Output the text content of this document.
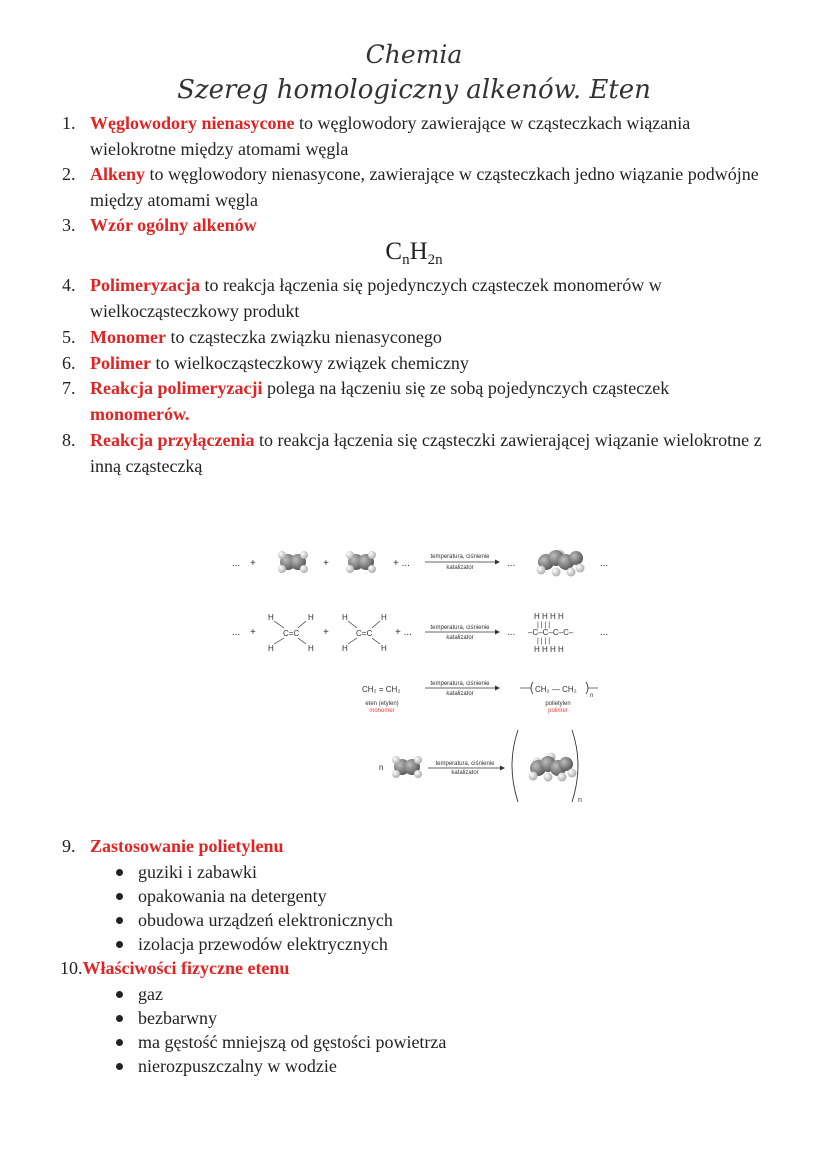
Chemia
Szereg homologiczny alkenów. Eten
1. Węglowodory nienasycone to węglowodory zawierające w cząsteczkach wiązania wielokrotne między atomami węgla
2. Alkeny to węglowodory nienasycone, zawierające w cząsteczkach jedno wiązanie podwójne między atomami węgla
3. Wzór ogólny alkenów
$C_nH_{2n}$
4. Polimeryzacja to reakcja łączenia się pojedynczych cząsteczek monomerów w wielkocząsteczkowy produkt
5. Monomer to cząsteczka związku nienasyconego
6. Polimer to wielkocząsteczkowy związek chemiczny
7. Reakcja polimeryzacji polega na łączeniu się ze sobą pojedynczych cząsteczek monomerów.
8. Reakcja przyłączenia to reakcja łączenia się cząsteczki zawierającej wiązanie wielokrotne z inną cząsteczką
... +	+	+ ...
temperatura, ciśnienie
katalizator	...	...
... +
H	H
C=C
H	H
+
H	H
C=C
H	H
+ ...	temperatura, ciśnienie
katalizator	...
H H H H
| | | |
–C–C–C–C–
| | | |
H H H H
...
CH₂ = CH₂
eten (etylen)
monomer
temperatura, ciśnienie
katalizator	CH₂ — CH₂
n
polietylen
polimer
n	temperatura, ciśnienie
katalizator
n
9. Zastosowanie polietylenu
guziki i zabawki
opakowania na detergenty
obudowa urządzeń elektronicznych
izolacja przewodów elektrycznych
10.Właściwości fizyczne etenu
gaz
bezbarwny
ma gęstość mniejszą od gęstości powietrza
nierozpuszczalny w wodzie
